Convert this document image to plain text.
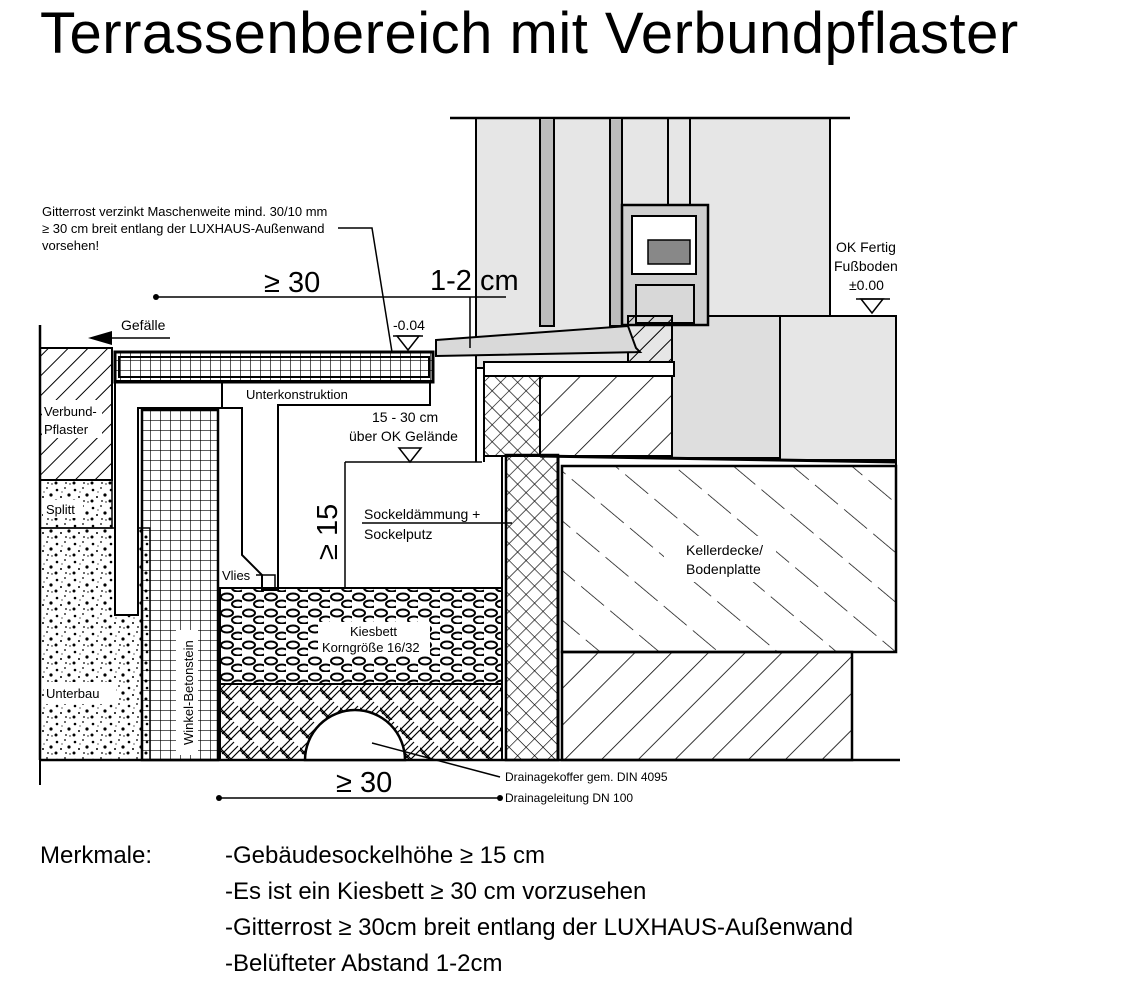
Terrassenbereich mit Verbundpflaster
Gitterrost verzinkt Maschenweite mind. 30/10 mm
≥ 30 cm breit entlang der LUXHAUS-Außenwand
vorsehen!
≥ 30	1-2 cm
Gefälle	-0.04
Unterkonstruktion
Verbund-
Pflaster
Splitt
Unterbau	Winkel-Betonstein
15 - 30 cm
über OK Gelände
≥ 15 Sockeldämmung +
Sockelputz
Vlies
Kiesbett
Korngröße 16/32
Kellerdecke/
Bodenplatte
OK Fertig
Fußboden
±0.00
≥ 30	Drainagekoffer gem. DIN 4095
Drainageleitung DN 100
Merkmale:	-Gebäudesockelhöhe ≥ 15 cm
-Es ist ein Kiesbett ≥ 30 cm vorzusehen
-Gitterrost ≥ 30cm breit entlang der LUXHAUS-Außenwand
-Belüfteter Abstand 1-2cm
